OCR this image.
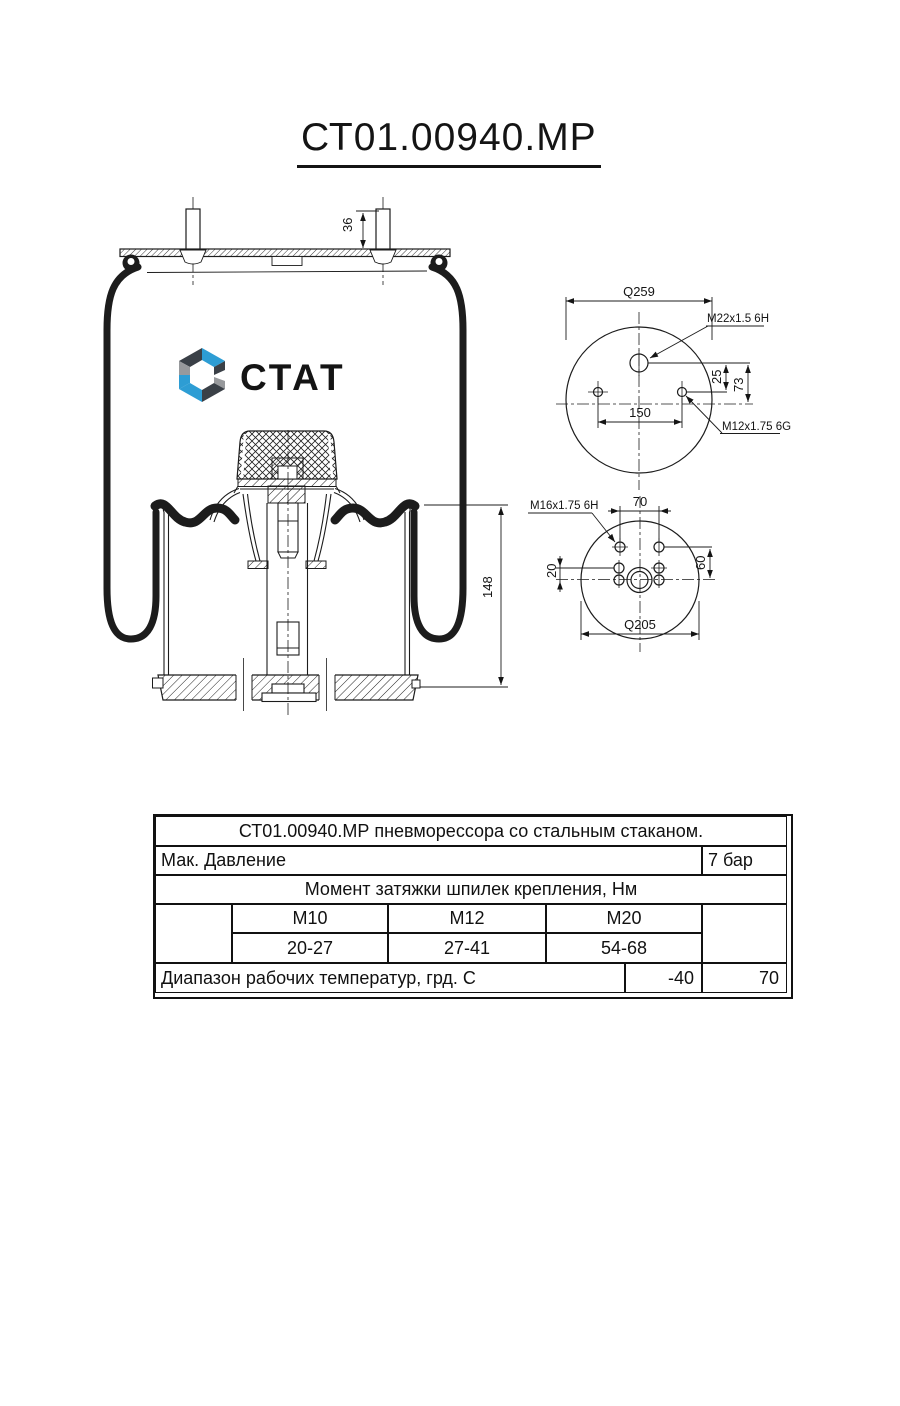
СТ01.00940.МР
36
148
СТАТ
Q259
150
25
73
M22x1.5 6H
M12x1.75 6G
70
M16x1.75 6H
60
20
Q205
СТ01.00940.МР пневморессора со стальным стаканом.
Мак. Давление	7 бар
Момент затяжки шпилек крепления, Нм
М10	М12	М20
20-27	27-41	54-68
Диапазон рабочих температур, грд. С	-40	70
